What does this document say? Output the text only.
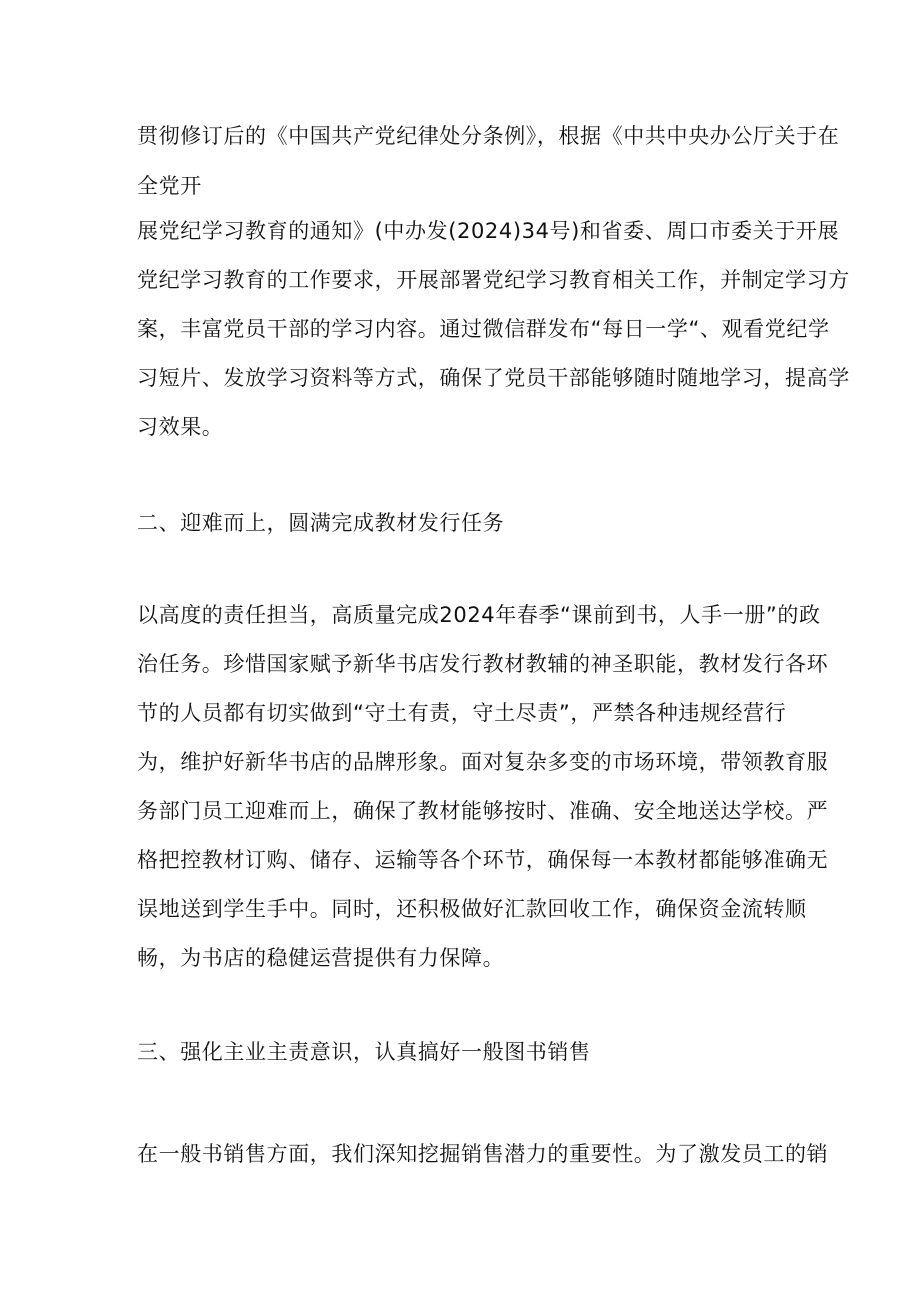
贯彻修订后的《中国共产党纪律处分条例》，根据《中共中央办公厅关于在
全党开
展党纪学习教育的通知》(中办发(2024)34号)和省委、周口市委关于开展
党纪学习教育的工作要求，开展部署党纪学习教育相关工作，并制定学习方
案，丰富党员干部的学习内容。通过微信群发布“每日一学“、观看党纪学
习短片、发放学习资料等方式，确保了党员干部能够随时随地学习，提高学
习效果。
二、迎难而上，圆满完成教材发行任务
以高度的责任担当，高质量完成2024年春季“课前到书，人手一册”的政
治任务。珍惜国家赋予新华书店发行教材教辅的神圣职能，教材发行各环
节的人员都有切实做到“守土有责，守土尽责”，严禁各种违规经营行
为，维护好新华书店的品牌形象。面对复杂多变的市场环境，带领教育服
务部门员工迎难而上，确保了教材能够按时、准确、安全地送达学校。严
格把控教材订购、储存、运输等各个环节，确保每一本教材都能够准确无
误地送到学生手中。同时，还积极做好汇款回收工作，确保资金流转顺
畅，为书店的稳健运营提供有力保障。
三、强化主业主责意识，认真搞好一般图书销售
在一般书销售方面，我们深知挖掘销售潜力的重要性。为了激发员工的销
